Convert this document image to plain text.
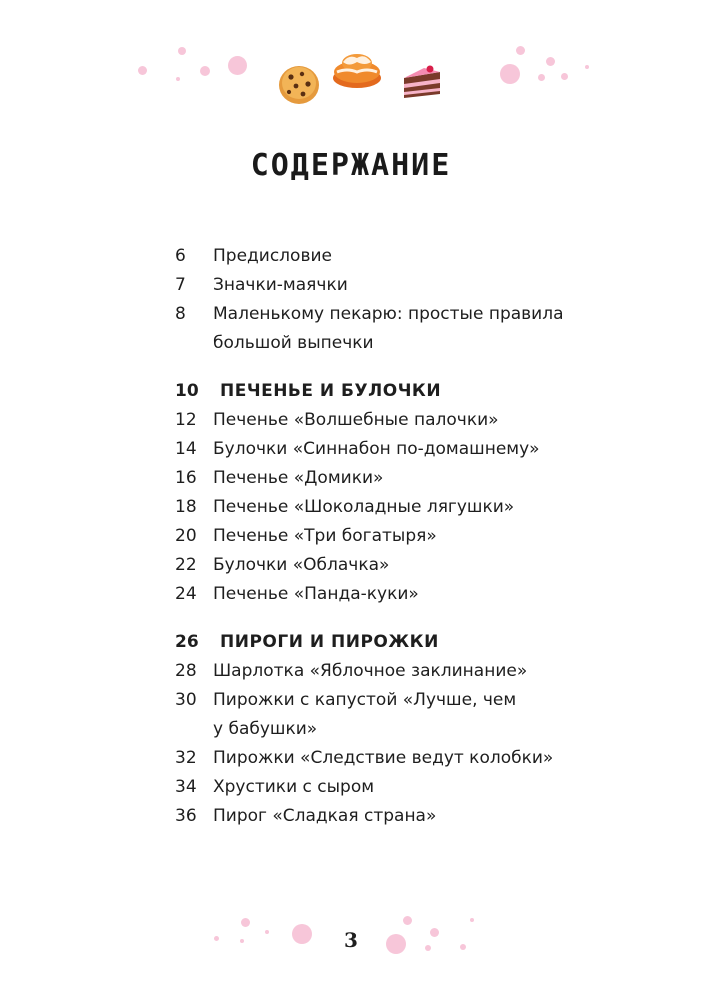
СОДЕРЖАНИЕ
6 Предисловие
7 Значки-маячки
8 Маленькому пекарю: простые правила
большой выпечки
10 ПЕЧЕНЬЕ И БУЛОЧКИ
12 Печенье «Волшебные палочки»
14 Булочки «Синнабон по-домашнему»
16 Печенье «Домики»
18 Печенье «Шоколадные лягушки»
20 Печенье «Три богатыря»
22 Булочки «Облачка»
24 Печенье «Панда-куки»
26 ПИРОГИ И ПИРОЖКИ
28 Шарлотка «Яблочное заклинание»
30 Пирожки с капустой «Лучше, чем
у бабушки»
32 Пирожки «Следствие ведут колобки»
34 Хрустики с сыром
36 Пирог «Сладкая страна»
3
